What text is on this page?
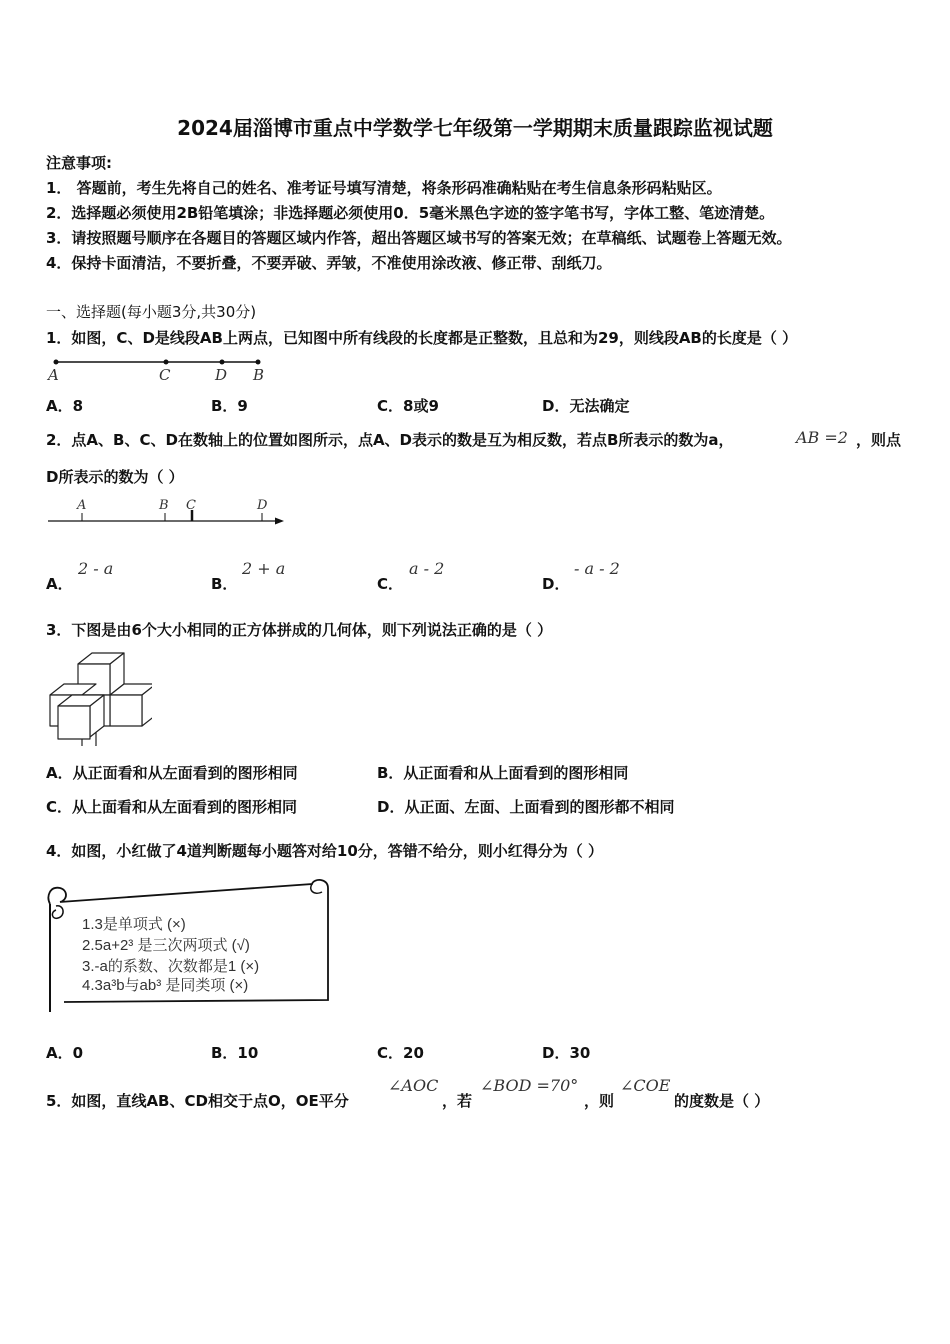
2024届淄博市重点中学数学七年级第一学期期末质量跟踪监视试题
注意事项:
1． 答题前，考生先将自己的姓名、准考证号填写清楚，将条形码准确粘贴在考生信息条形码粘贴区。
2．选择题必须使用2B铅笔填涂；非选择题必须使用0．5毫米黑色字迹的签字笔书写，字体工整、笔迹清楚。
3．请按照题号顺序在各题目的答题区域内作答，超出答题区域书写的答案无效；在草稿纸、试题卷上答题无效。
4．保持卡面清洁，不要折叠，不要弄破、弄皱，不准使用涂改液、修正带、刮纸刀。
一、选择题(每小题3分,共30分)
1．如图，C、D是线段AB上两点，已知图中所有线段的长度都是正整数，且总和为29，则线段AB的长度是（ ）
A	C	D B
A．8	B．9	C．8或9	D．无法确定
2．点A、B、C、D在数轴上的位置如图所示，点A、D表示的数是互为相反数，若点B所表示的数为a，	AB =2 ，则点
D所表示的数为（ ）
A	B C	D
A．
2 - a
B．
2 + a
C．
a - 2
D．
- a - 2
3．下图是由6个大小相同的正方体拼成的几何体，则下列说法正确的是（ ）
A．从正面看和从左面看到的图形相同	B．从正面看和从上面看到的图形相同
C．从上面看和从左面看到的图形相同	D．从正面、左面、上面看到的图形都不相同
4．如图，小红做了4道判断题每小题答对给10分，答错不给分，则小红得分为（ ）
1.3是单项式 (×)
2.5a+2³ 是三次两项式 (√)
3.-a的系数、次数都是1 (×)
4.3a³b与ab³ 是同类项 (×)
A．0	B．10	C．20	D．30
5．如图，直线AB、CD相交于点O，OE平分
∠AOC
，若
∠BOD =70°
，则
∠COE
的度数是（ ）
